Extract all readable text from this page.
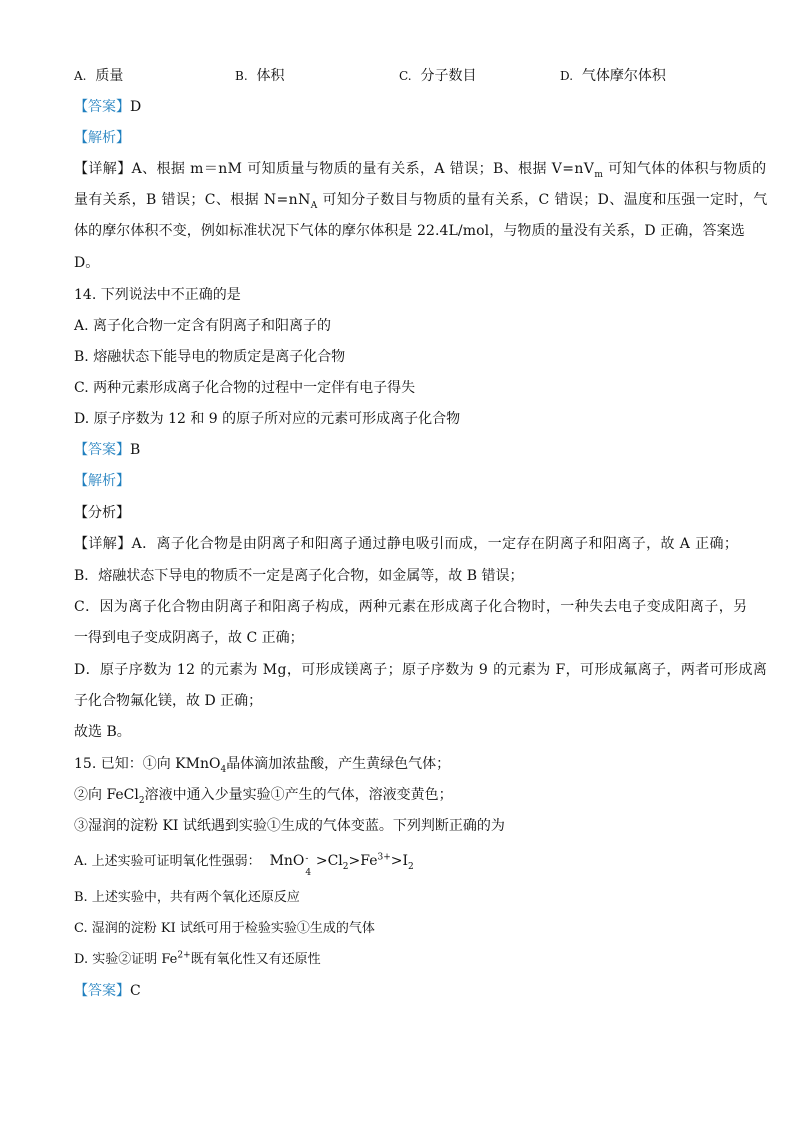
A. 质量	B. 体积	C. 分子数目	D. 气体摩尔体积
【答案】D
【解析】
【详解】A、根据 m＝nM 可知质量与物质的量有关系，A 错误；B、根据 $V=nV_m$ 可知气体的体积与物质的
量有关系，B 错误；C、根据 $N=nN_A$ 可知分子数目与物质的量有关系，C 错误；D、温度和压强一定时，气
体的摩尔体积不变，例如标准状况下气体的摩尔体积是 22.4L/mol，与物质的量没有关系，D 正确，答案选
D。
14. 下列说法中不正确的是
A. 离子化合物一定含有阴离子和阳离子的
B. 熔融状态下能导电的物质定是离子化合物
C. 两种元素形成离子化合物的过程中一定伴有电子得失
D. 原子序数为 12 和 9 的原子所对应的元素可形成离子化合物
【答案】B
【解析】
【分析】
【详解】A．离子化合物是由阴离子和阳离子通过静电吸引而成，一定存在阴离子和阳离子，故 A 正确；
B．熔融状态下导电的物质不一定是离子化合物，如金属等，故 B 错误；
C．因为离子化合物由阴离子和阳离子构成，两种元素在形成离子化合物时，一种失去电子变成阳离子，另
一得到电子变成阴离子，故 C 正确；
D．原子序数为 12 的元素为 Mg，可形成镁离子；原子序数为 9 的元素为 F，可形成氟离子，两者可形成离
子化合物氟化镁，故 D 正确；
故选 B。
15. 已知：①向 KMnO$_4$晶体滴加浓盐酸，产生黄绿色气体；
②向 FeCl$_2$溶液中通入少量实验①产生的气体，溶液变黄色；
③湿润的淀粉 KI 试纸遇到实验①生成的气体变蓝。下列判断正确的为
A. 上述实验可证明氧化性强弱： MnO -
4
$>Cl_2>Fe^{3+}>I_2$
B. 上述实验中，共有两个氧化还原反应
C. 湿润的淀粉 KI 试纸可用于检验实验①生成的气体
D. 实验②证明 $Fe^{2+}$既有氧化性又有还原性
【答案】C
